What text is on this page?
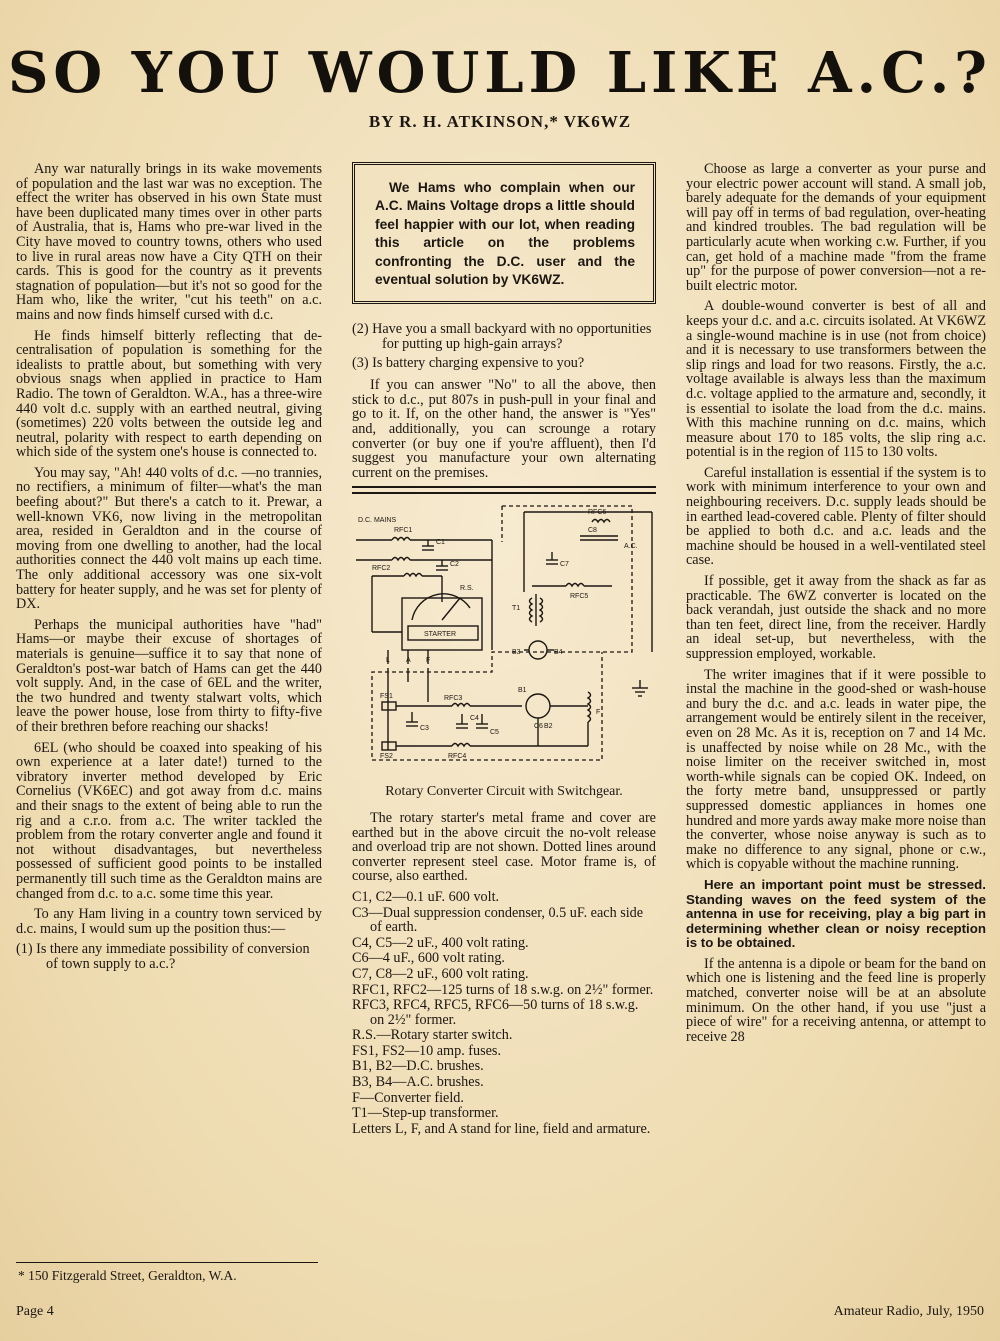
SO YOU WOULD LIKE A.C.?
BY R. H. ATKINSON,* VK6WZ

Any war naturally brings in its wake movements of population and the last war was no exception. The effect the writer has observed in his own State must have been duplicated many times over in other parts of Australia, that is, Hams who pre-war lived in the City have moved to country towns, others who used to live in rural areas now have a City QTH on their cards. This is good for the country as it prevents stagnation of population—but it's not so good for the Ham who, like the writer, "cut his teeth" on a.c. mains and now finds himself cursed with d.c.

He finds himself bitterly reflecting that de-centralisation of population is something for the idealists to prattle about, but something with very obvious snags when applied in practice to Ham Radio. The town of Geraldton. W.A., has a three-wire 440 volt d.c. supply with an earthed neutral, giving (sometimes) 220 volts between the outside leg and neutral, polarity with respect to earth depending on which side of the system one's house is connected to.

You may say, "Ah! 440 volts of d.c. —no trannies, no rectifiers, a minimum of filter—what's the man beefing about?" But there's a catch to it. Prewar, a well-known VK6, now living in the metropolitan area, resided in Geraldton and in the course of moving from one dwelling to another, had the local authorities connect the 440 volt mains up each time. The only additional accessory was one six-volt battery for heater supply, and he was set for plenty of DX.

Perhaps the municipal authorities have "had" Hams—or maybe their excuse of shortages of materials is genuine—suffice it to say that none of Geraldton's post-war batch of Hams can get the 440 volt supply. And, in the case of 6EL and the writer, the two hundred and twenty stalwart volts, which leave the power house, lose from thirty to fifty-five of their brethren before reaching our shacks!

6EL (who should be coaxed into speaking of his own experience at a later date!) turned to the vibratory inverter method developed by Eric Cornelius (VK6EC) and got away from d.c. mains and their snags to the extent of being able to run the rig and a c.r.o. from a.c. The writer tackled the problem from the rotary converter angle and found it not without disadvantages, but nevertheless possessed of sufficient good points to be installed permanently till such time as the Geraldton mains are changed from d.c. to a.c. some time this year.

To any Ham living in a country town serviced by d.c. mains, I would sum up the position thus:—

(1) Is there any immediate possibility of conversion of town supply to a.c.?

We Hams who complain when our A.C. Mains Voltage drops a little should feel happier with our lot, when reading this article on the problems confronting the D.C. user and the eventual solution by VK6WZ.

(2) Have you a small backyard with no opportunities for putting up high-gain arrays?
(3) Is battery charging expensive to you?

If you can answer "No" to all the above, then stick to d.c., put 807s in push-pull in your final and go to it. If, on the other hand, the answer is "Yes" and, additionally, you can scrounge a rotary converter (or buy one if you're affluent), then I'd suggest you manufacture your own alternating current on the premises.

D.C. MAINS
RFC1
RFC2
C1
C2
R.S.
STARTER
L A F
RFC6
C8
A.C.
C7
RFC5
T1
B3	B4
FS1	RFC3
B1
B2
F
C3
C4
C5
FS2	RFC4
C6
Rotary Converter Circuit with Switchgear.

The rotary starter's metal frame and cover are earthed but in the above circuit the no-volt release and overload trip are not shown. Dotted lines around converter represent steel case. Motor frame is, of course, also earthed.

C1, C2—0.1 uF. 600 volt.
C3—Dual suppression condenser, 0.5 uF. each side of earth.
C4, C5—2 uF., 400 volt rating.
C6—4 uF., 600 volt rating.
C7, C8—2 uF., 600 volt rating.
RFC1, RFC2—125 turns of 18 s.w.g. on 2½" former.
RFC3, RFC4, RFC5, RFC6—50 turns of 18 s.w.g. on 2½" former.
R.S.—Rotary starter switch.
FS1, FS2—10 amp. fuses.
B1, B2—D.C. brushes.
B3, B4—A.C. brushes.
F—Converter field.
T1—Step-up transformer.
Letters L, F, and A stand for line, field and armature.

Choose as large a converter as your purse and your electric power account will stand. A small job, barely adequate for the demands of your equipment will pay off in terms of bad regulation, over-heating and kindred troubles. The bad regulation will be particularly acute when working c.w. Further, if you can, get hold of a machine made "from the frame up" for the purpose of power conversion—not a re-built electric motor.

A double-wound converter is best of all and keeps your d.c. and a.c. circuits isolated. At VK6WZ a single-wound machine is in use (not from choice) and it is necessary to use transformers between the slip rings and load for two reasons. Firstly, the a.c. voltage available is always less than the maximum d.c. voltage applied to the armature and, secondly, it is essential to isolate the load from the d.c. mains. With this machine running on d.c. mains, which measure about 170 to 185 volts, the slip ring a.c. potential is in the region of 115 to 130 volts.

Careful installation is essential if the system is to work with minimum interference to your own and neighbouring receivers. D.c. supply leads should be in earthed lead-covered cable. Plenty of filter should be applied to both d.c. and a.c. leads and the machine should be housed in a well-ventilated steel case.

If possible, get it away from the shack as far as practicable. The 6WZ converter is located on the back verandah, just outside the shack and no more than ten feet, direct line, from the receiver. Hardly an ideal set-up, but nevertheless, with the suppression employed, workable.

The writer imagines that if it were possible to instal the machine in the good-shed or wash-house and bury the d.c. and a.c. leads in water pipe, the arrangement would be entirely silent in the receiver, even on 28 Mc. As it is, reception on 7 and 14 Mc. is unaffected by noise while on 28 Mc., with the noise limiter on the receiver switched in, most worth-while signals can be copied OK. Indeed, on the forty metre band, unsuppressed or partly suppressed domestic appliances in homes one hundred and more yards away make more noise than the converter, whose noise anyway is such as to make no difference to any signal, phone or c.w., which is copyable without the machine running.

Here an important point must be stressed. Standing waves on the feed system of the antenna in use for receiving, play a big part in determining whether clean or noisy reception is to be obtained.

If the antenna is a dipole or beam for the band on which one is listening and the feed line is properly matched, converter noise will be at an absolute minimum. On the other hand, if you use "just a piece of wire" for a receiving antenna, or attempt to receive 28

* 150 Fitzgerald Street, Geraldton, W.A.
Page 4	Amateur Radio, July, 1950
